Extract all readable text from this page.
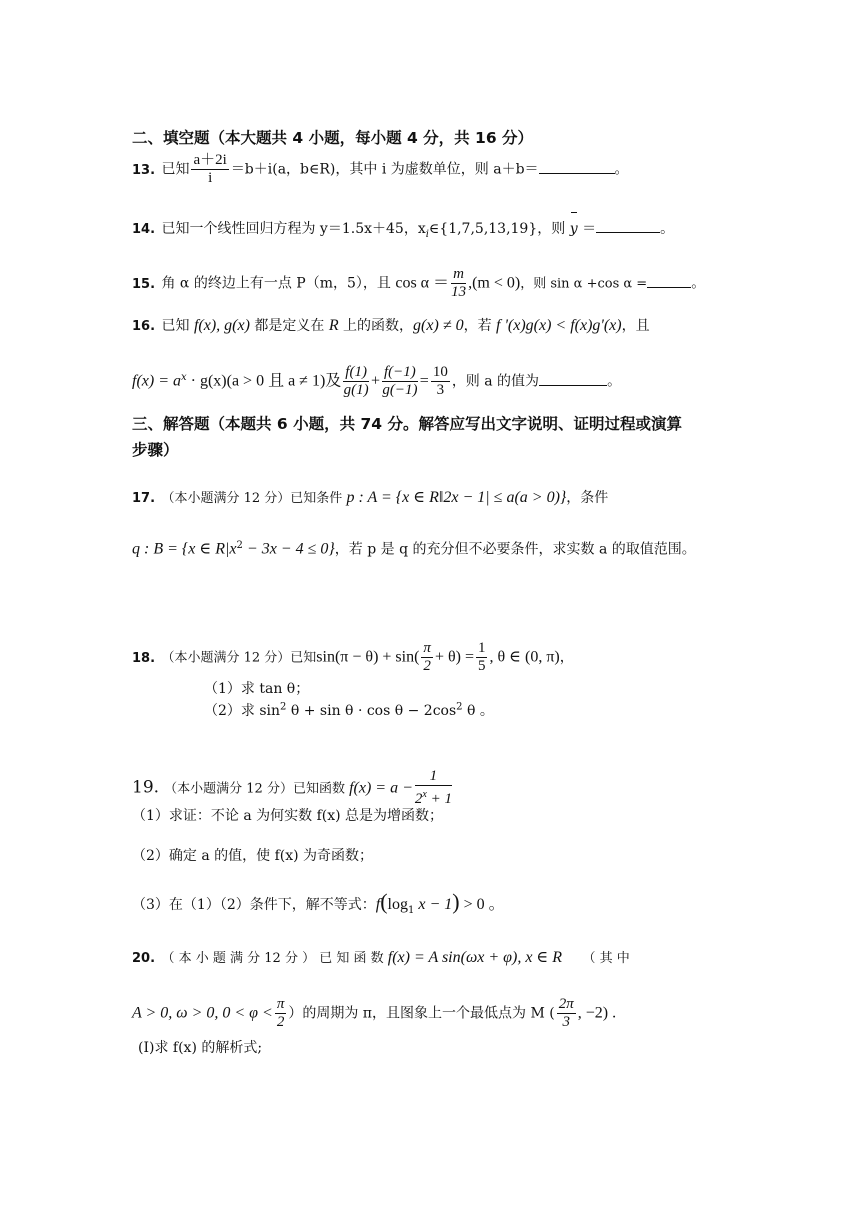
二、填空题（本大题共 4 小题，每小题 4 分，共 16 分）
13. 已知 $\frac{a+2i}{i} =b+i(a$，b∈R)，其中 i 为虚数单位，则 a＋b＝	。
14. 已知一个线性回归方程为 y＝1.5x＋45，$x_i\in\{1,7,5,13,19\}$，则 y ＝	。
15. 角 α 的终边上有一点 P（m，5），且 $\cos \alpha = \frac{m}{13} ,(m < 0)$，则 sin α +cos α =	。
16. 已知 f(x), g(x) 都是定义在 R 上的函数，g(x) ≠ 0，若 f '(x)g(x) < f(x)g'(x)，且
$f(x) = a^x \cdot g(x)(a > 0$ 且 a ≠ 1)及 $\frac{f(1)}{g(1)} + \frac{f(-1)}{g(-1)} = \frac{10}{3}$ ，则 a 的值为	。
三、解答题（本题共 6 小题，共 74 分。解答应写出文字说明、证明过程或演算
步骤）
17. （本小题满分 12 分）已知条件 p : A = {x ∈ R‖2x − 1| ≤ a(a > 0)}，条件
q : B = {x ∈ $R|x^2 - 3x - 4 \le 0$}，若 p 是 q 的充分但不必要条件，求实数 a 的取值范围。
18. （本小题满分 12 分）已知$\sin(\pi - \theta) + \sin( \frac{\pi}{2} + \theta) = \frac{1}{5}$ , θ ∈ (0, π)，
（1）求 tan θ；
（2）求 $\sin^2 \theta + \sin \theta \cdot \cos \theta - 2\cos^2$ θ 。
19. （本小题满分 12 分）已知函数 $f(x) = a - \frac{1}{2^x + 1}$
（1）求证：不论 a 为何实数 f(x) 总是为增函数；
（2）确定 a 的值，使 f(x) 为奇函数；
（3）在（1）（2）条件下，解不等式：$f(\log_1$ x − 1) > 0 。
20. （ 本 小 题 满 分 12 分 ） 已 知 函 数 f(x) = A sin(ωx + φ), x ∈ R （ 其 中
A > 0, ω > 0, $0 < \varphi < \frac{\pi}{2}$ ）的周期为 π，且图象上一个最低点为 M ( $\frac{2\pi}{3}$ , −2) .
(Ⅰ)求 f(x) 的解析式;
